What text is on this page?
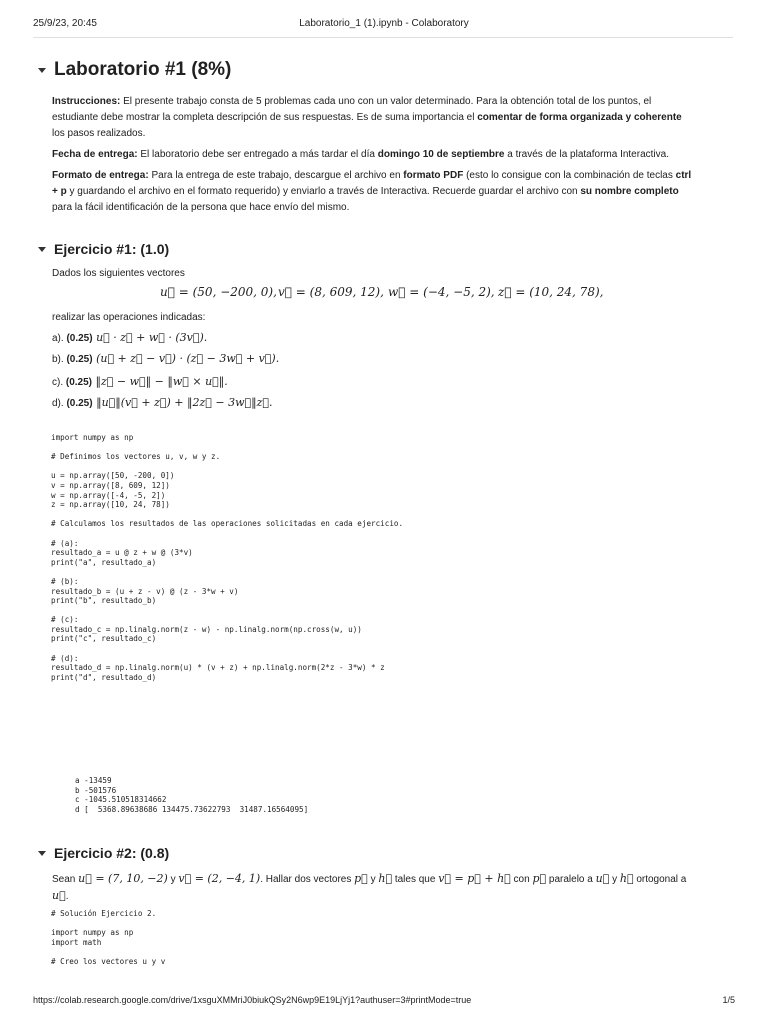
25/9/23, 20:45	Laboratorio_1 (1).ipynb - Colaboratory
Laboratorio #1 (8%)
Instrucciones: El presente trabajo consta de 5 problemas cada uno con un valor determinado. Para la obtención total de los puntos, el estudiante debe mostrar la completa descripción de sus respuestas. Es de suma importancia el comentar de forma organizada y coherente los pasos realizados.
Fecha de entrega: El laboratorio debe ser entregado a más tardar el día domingo 10 de septiembre a través de la plataforma Interactiva.
Formato de entrega: Para la entrega de este trabajo, descargue el archivo en formato PDF (esto lo consigue con la combinación de teclas ctrl + p y guardando el archivo en el formato requerido) y enviarlo a través de Interactiva. Recuerde guardar el archivo con su nombre completo para la fácil identificación de la persona que hace envío del mismo.
Ejercicio #1: (1.0)
Dados los siguientes vectores
u⃗ = (50, −200, 0), v⃗ = (8, 609, 12), w⃗ = (−4, −5, 2), z⃗ = (10, 24, 78),
realizar las operaciones indicadas:
a). (0.25) u⃗ · z⃗ + w⃗ · (3v⃗).
b). (0.25) (u⃗ + z⃗ − v⃗) · (z⃗ − 3w⃗ + v⃗).
c). (0.25) ‖z⃗ − w⃗‖ − ‖w⃗ × u⃗‖.
d). (0.25) ‖u⃗‖(v⃗ + z⃗) + ‖2z⃗ − 3w⃗‖z⃗.
import numpy as np

# Definimos los vectores u, v, w y z.

u = np.array([50, -200, 0])
v = np.array([8, 609, 12])
w = np.array([-4, -5, 2])
z = np.array([10, 24, 78])

# Calculamos los resultados de las operaciones solicitadas en cada ejercicio.

# (a):
resultado_a = u @ z + w @ (3*v)
print("a", resultado_a)

# (b):
resultado_b = (u + z - v) @ (z - 3*w + v)
print("b", resultado_b)

# (c):
resultado_c = np.linalg.norm(z - w) - np.linalg.norm(np.cross(w, u))
print("c", resultado_c)

# (d):
resultado_d = np.linalg.norm(u) * (v + z) + np.linalg.norm(2*z - 3*w) * z
print("d", resultado_d)
a -13459
b -501576
c -1045.510518314662
d [  5368.89638686 134475.73622793  31487.16564095]
Ejercicio #2: (0.8)
Sean u⃗ = (7, 10, −2) y v⃗ = (2, −4, 1). Hallar dos vectores p⃗ y h⃗ tales que v⃗ = p⃗ + h⃗ con p⃗ paralelo a u⃗ y h⃗ ortogonal a u⃗.
# Solución Ejercicio 2.

import numpy as np
import math

# Creo los vectores u y v
https://colab.research.google.com/drive/1xsguXMMriJ0biukQSy2N6wp9E19LjYj1?authuser=3#printMode=true	1/5
